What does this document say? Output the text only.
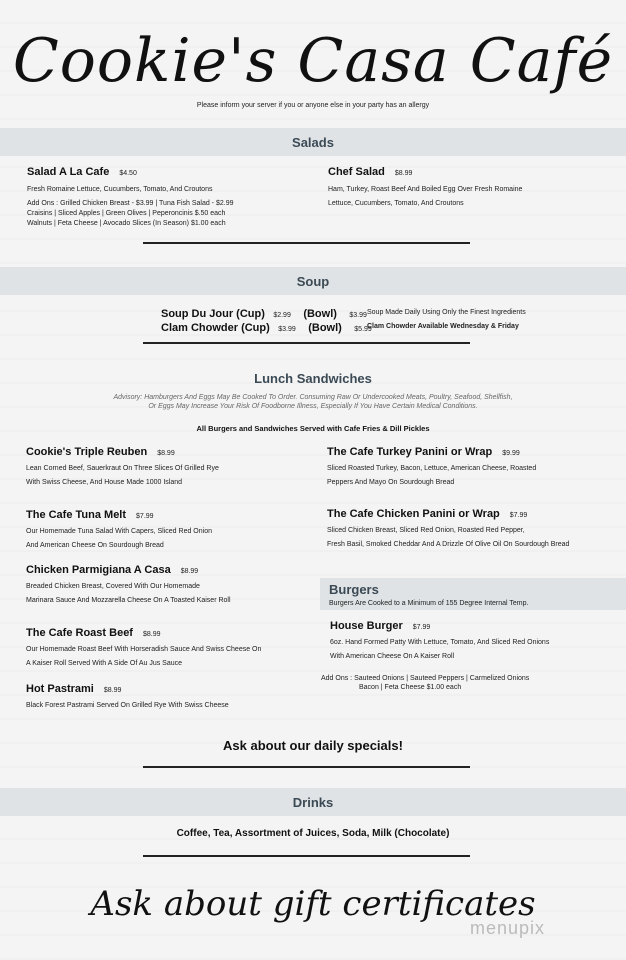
Cookie's Casa Café
Please inform your server if you or anyone else in your party has an allergy
Salads
Salad A La Cafe $4.50
Fresh Romaine Lettuce, Cucumbers, Tomato, And Croutons
Add Ons : Grilled Chicken Breast - $3.99 | Tuna Fish Salad - $2.99
Craisins | Sliced Apples | Green Olives | Peperoncinis $.50 each
Walnuts | Feta Cheese | Avocado Slices (In Season) $1.00 each
Chef Salad $8.99
Ham, Turkey, Roast Beef And Boiled Egg Over Fresh Romaine
Lettuce, Cucumbers, Tomato, And Croutons
Soup
Soup Du Jour (Cup) $2.99 (Bowl) $3.99
Clam Chowder (Cup) $3.99 (Bowl) $5.99
Soup Made Daily Using Only the Finest Ingredients
Clam Chowder Available Wednesday & Friday
Lunch Sandwiches
Advisory: Hamburgers And Eggs May Be Cooked To Order. Consuming Raw Or Undercooked Meats, Poultry, Seafood, Shellfish,
Or Eggs May Increase Your Risk Of Foodborne Illness, Especially If You Have Certain Medical Conditions.
All Burgers and Sandwiches Served with Cafe Fries & Dill Pickles
Cookie's Triple Reuben $8.99
Lean Corned Beef, Sauerkraut On Three Slices Of Grilled Rye
With Swiss Cheese, And House Made 1000 Island
The Cafe Tuna Melt $7.99
Our Homemade Tuna Salad With Capers, Sliced Red Onion
And American Cheese On Sourdough Bread
Chicken Parmigiana A Casa $8.99
Breaded Chicken Breast, Covered With Our Homemade
Marinara Sauce And Mozzarella Cheese On A Toasted Kaiser Roll
The Cafe Roast Beef $8.99
Our Homemade Roast Beef With Horseradish Sauce And Swiss Cheese On
A Kaiser Roll Served With A Side Of Au Jus Sauce
Hot Pastrami $8.99
Black Forest Pastrami Served On Grilled Rye With Swiss Cheese
The Cafe Turkey Panini or Wrap $9.99
Sliced Roasted Turkey, Bacon, Lettuce, American Cheese, Roasted
Peppers And Mayo On Sourdough Bread
The Cafe Chicken Panini or Wrap $7.99
Sliced Chicken Breast, Sliced Red Onion, Roasted Red Pepper,
Fresh Basil, Smoked Cheddar And A Drizzle Of Olive Oil On Sourdough Bread
Burgers
Burgers Are Cooked to a Minimum of 155 Degree Internal Temp.
House Burger $7.99
6oz. Hand Formed Patty With Lettuce, Tomato, And Sliced Red Onions
With American Cheese On A Kaiser Roll
Add Ons : Sauteed Onions | Sauteed Peppers | Carmelized Onions
Bacon | Feta Cheese $1.00 each
Ask about our daily specials!
Drinks
Coffee, Tea, Assortment of Juices, Soda, Milk (Chocolate)
Ask about gift certificates
menupix
